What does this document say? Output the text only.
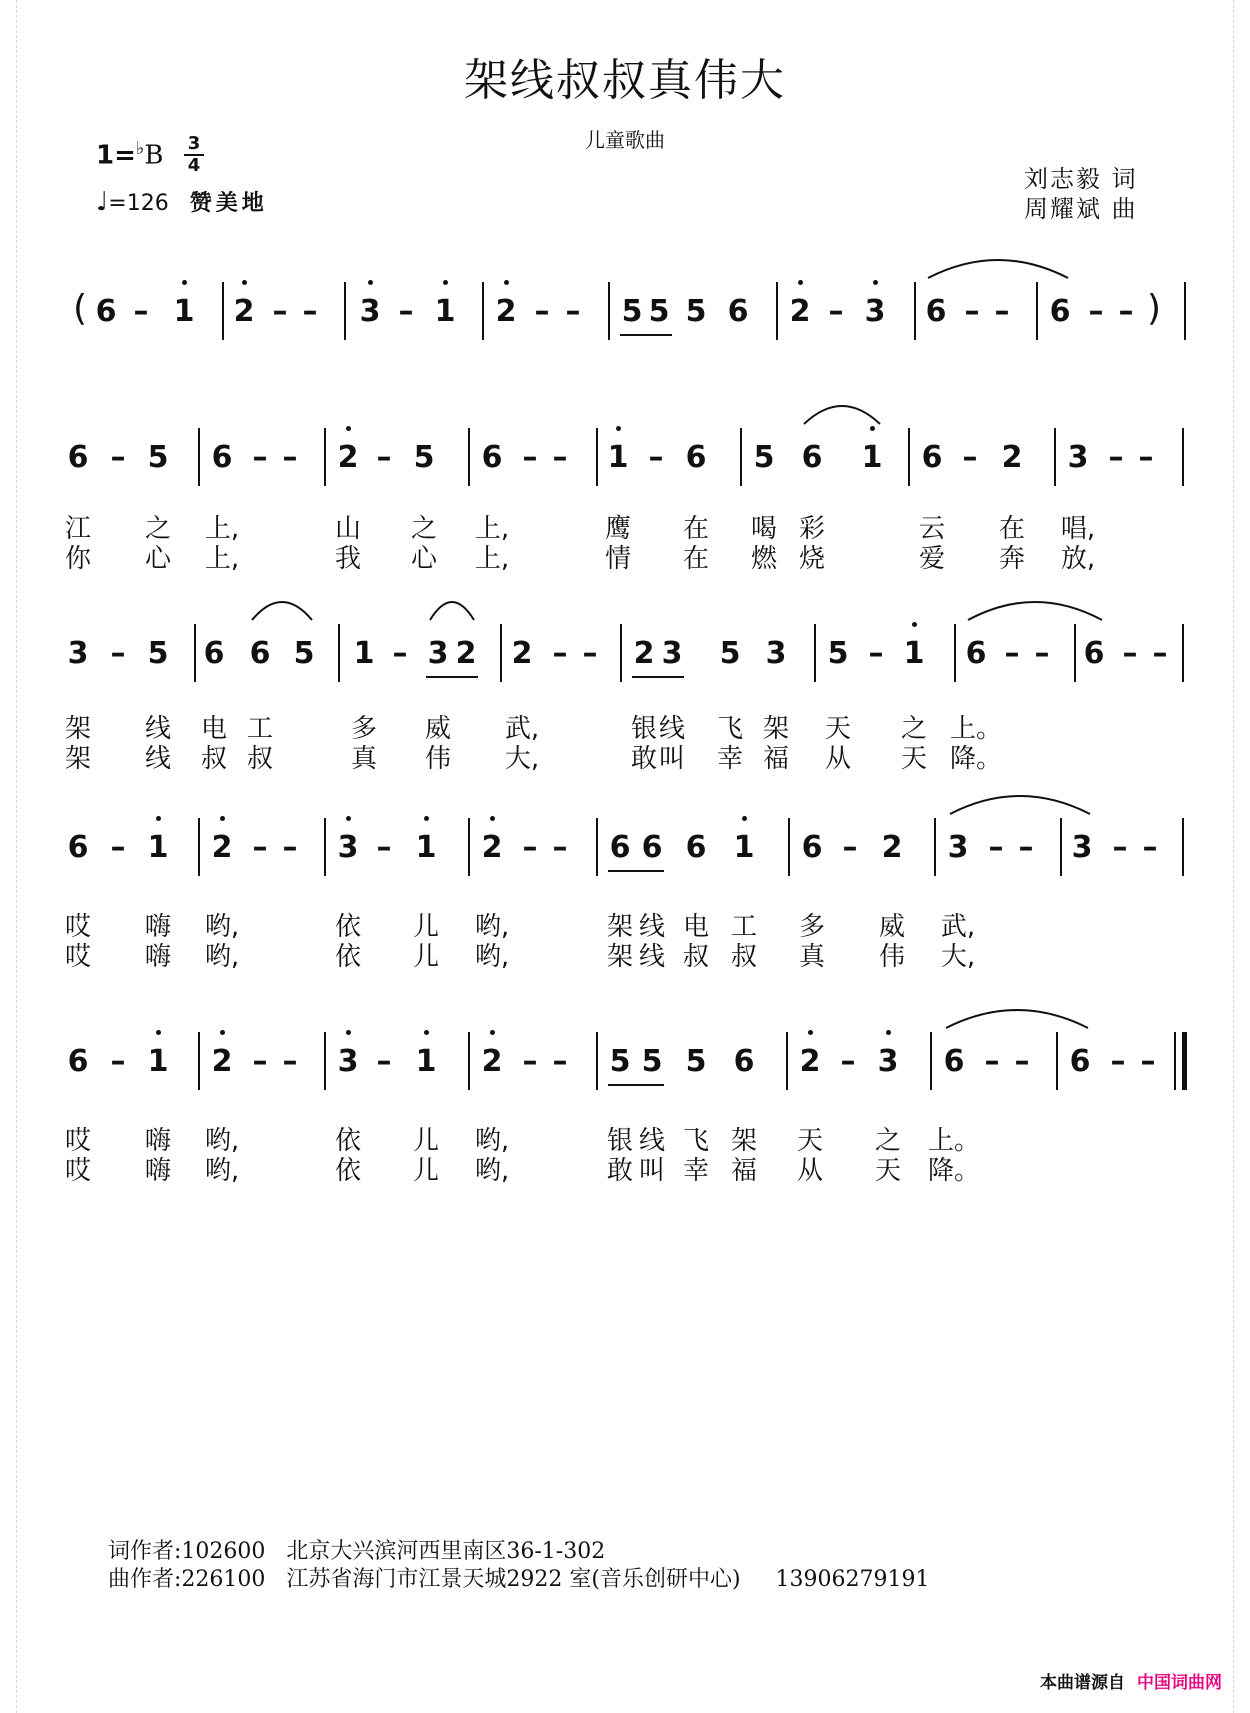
架线叔叔真伟大
儿童歌曲
1=♭B 3
4
♩=126 赞美地
刘志毅 词
周耀斌 曲
( 6 – 1 2 – – 3 – 1 2 – – 5 5 5 6 2 – 3 6 – – 6 – – )
6 – 5 6 – – 2 – 5 6 – – 1 – 6 5 6 1 6 – 2 3 – –
3 – 5 6 6 5 1 – 3 2 2 – – 2 3 5 3 5 – 1 6 – – 6 – –
6 – 1 2 – – 3 – 1 2 – – 6 6 6 1 6 – 2 3 – – 3 – –
6 – 1 2 – – 3 – 1 2 – – 5 5 5 6 2 – 3 6 – – 6 – –
江 之 上,	山 之 上,	鹰 在 喝 彩	云 在 唱,
你 心 上,	我 心 上,	情 在 燃 烧	爱 奔 放,
架 线 电 工	多 威 武,	银 线 飞 架 天 之 上。
架 线 叔 叔	真 伟 大,	敢 叫 幸 福 从 天 降。
哎 嗨 哟,	依 儿 哟,	架 线 电 工 多 威 武,
哎 嗨 哟,	依 儿 哟,	架 线 叔 叔 真 伟 大,
哎 嗨 哟,	依 儿 哟,	银 线 飞 架 天 之 上。
哎 嗨 哟,	依 儿 哟,	敢 叫 幸 福 从 天 降。
词作者:102600   北京大兴滨河西里南区36-1-302
曲作者:226100   江苏省海门市江景天城2922 室(音乐创研中心)     13906279191
本曲谱源自 中国词曲网
